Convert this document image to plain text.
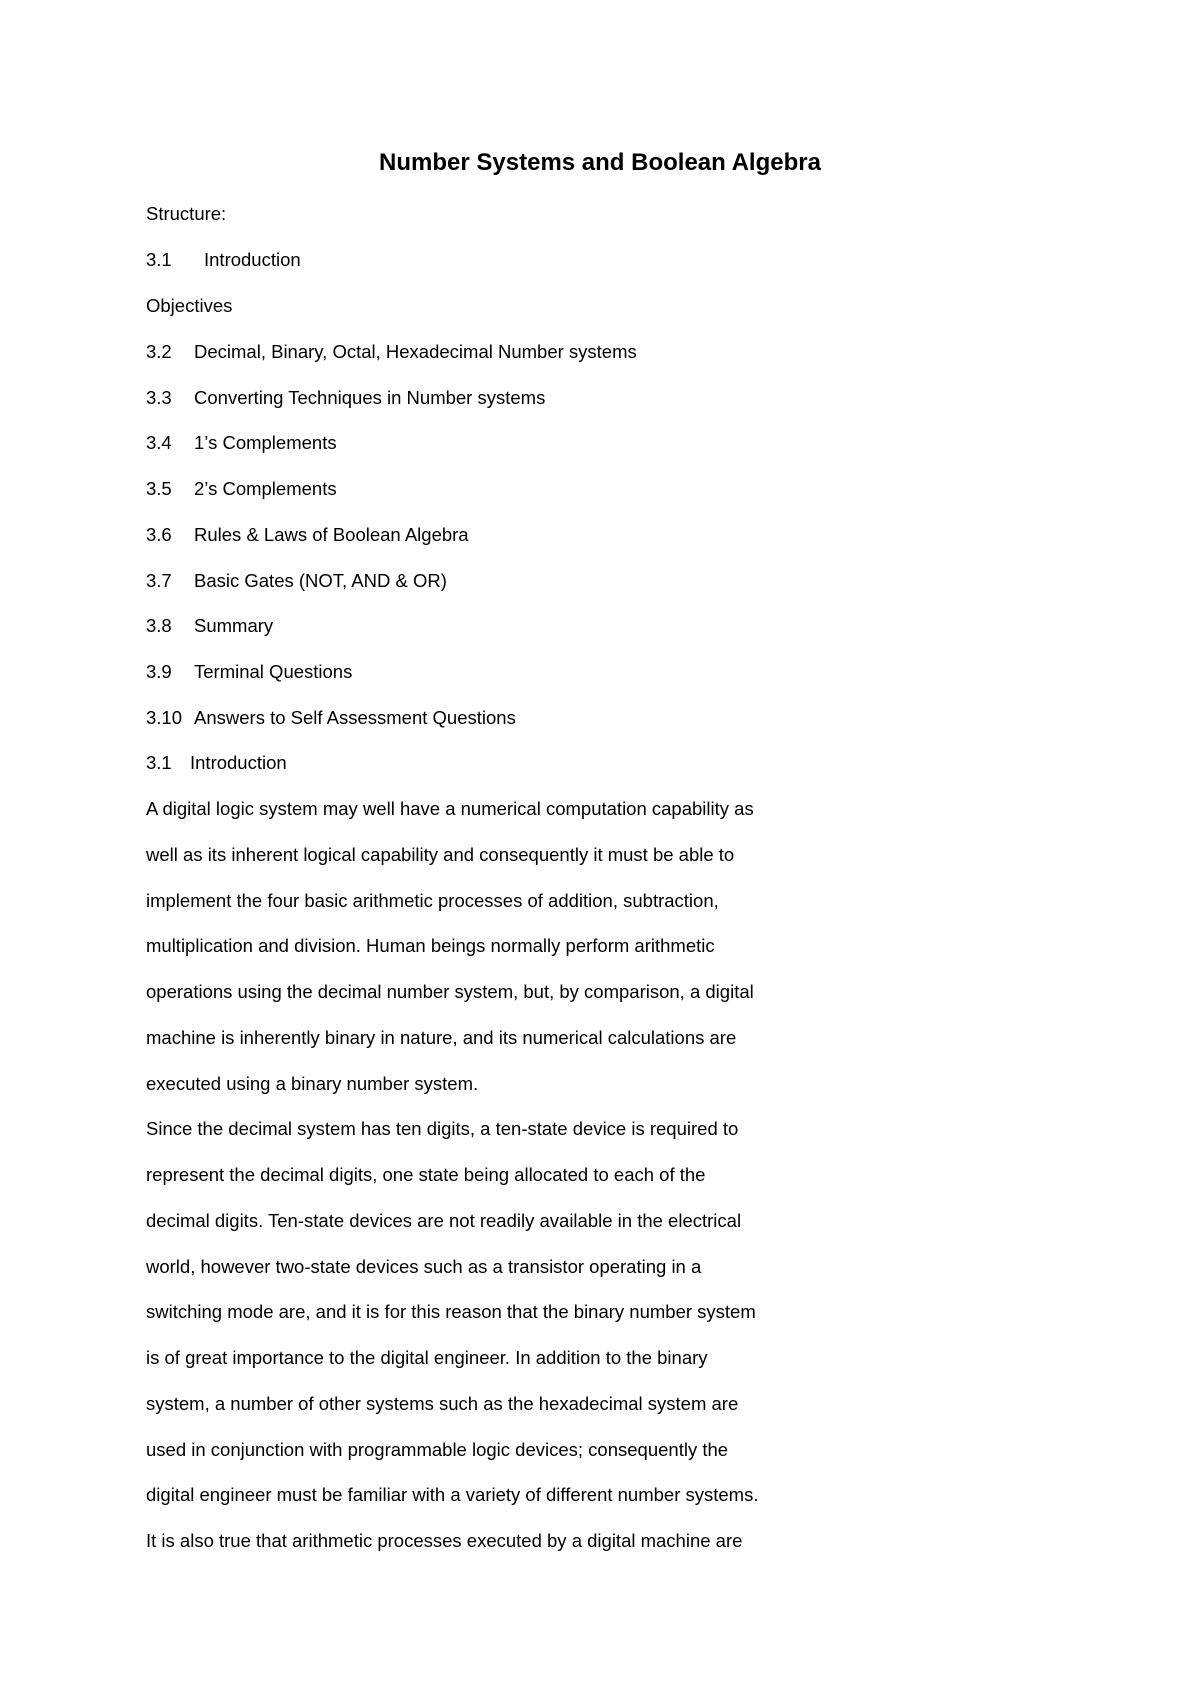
Number Systems and Boolean Algebra

Structure:

3.1 Introduction

Objectives

3.2 Decimal, Binary, Octal, Hexadecimal Number systems

3.3 Converting Techniques in Number systems

3.4 1’s Complements

3.5 2’s Complements

3.6 Rules & Laws of Boolean Algebra

3.7 Basic Gates (NOT, AND & OR)

3.8 Summary

3.9 Terminal Questions

3.10 Answers to Self Assessment Questions

3.1 Introduction

A digital logic system may well have a numerical computation capability as

well as its inherent logical capability and consequently it must be able to

implement the four basic arithmetic processes of addition, subtraction,

multiplication and division. Human beings normally perform arithmetic

operations using the decimal number system, but, by comparison, a digital

machine is inherently binary in nature, and its numerical calculations are

executed using a binary number system.

Since the decimal system has ten digits, a ten-state device is required to

represent the decimal digits, one state being allocated to each of the

decimal digits. Ten-state devices are not readily available in the electrical

world, however two-state devices such as a transistor operating in a

switching mode are, and it is for this reason that the binary number system

is of great importance to the digital engineer. In addition to the binary

system, a number of other systems such as the hexadecimal system are

used in conjunction with programmable logic devices; consequently the

digital engineer must be familiar with a variety of different number systems.

It is also true that arithmetic processes executed by a digital machine are
